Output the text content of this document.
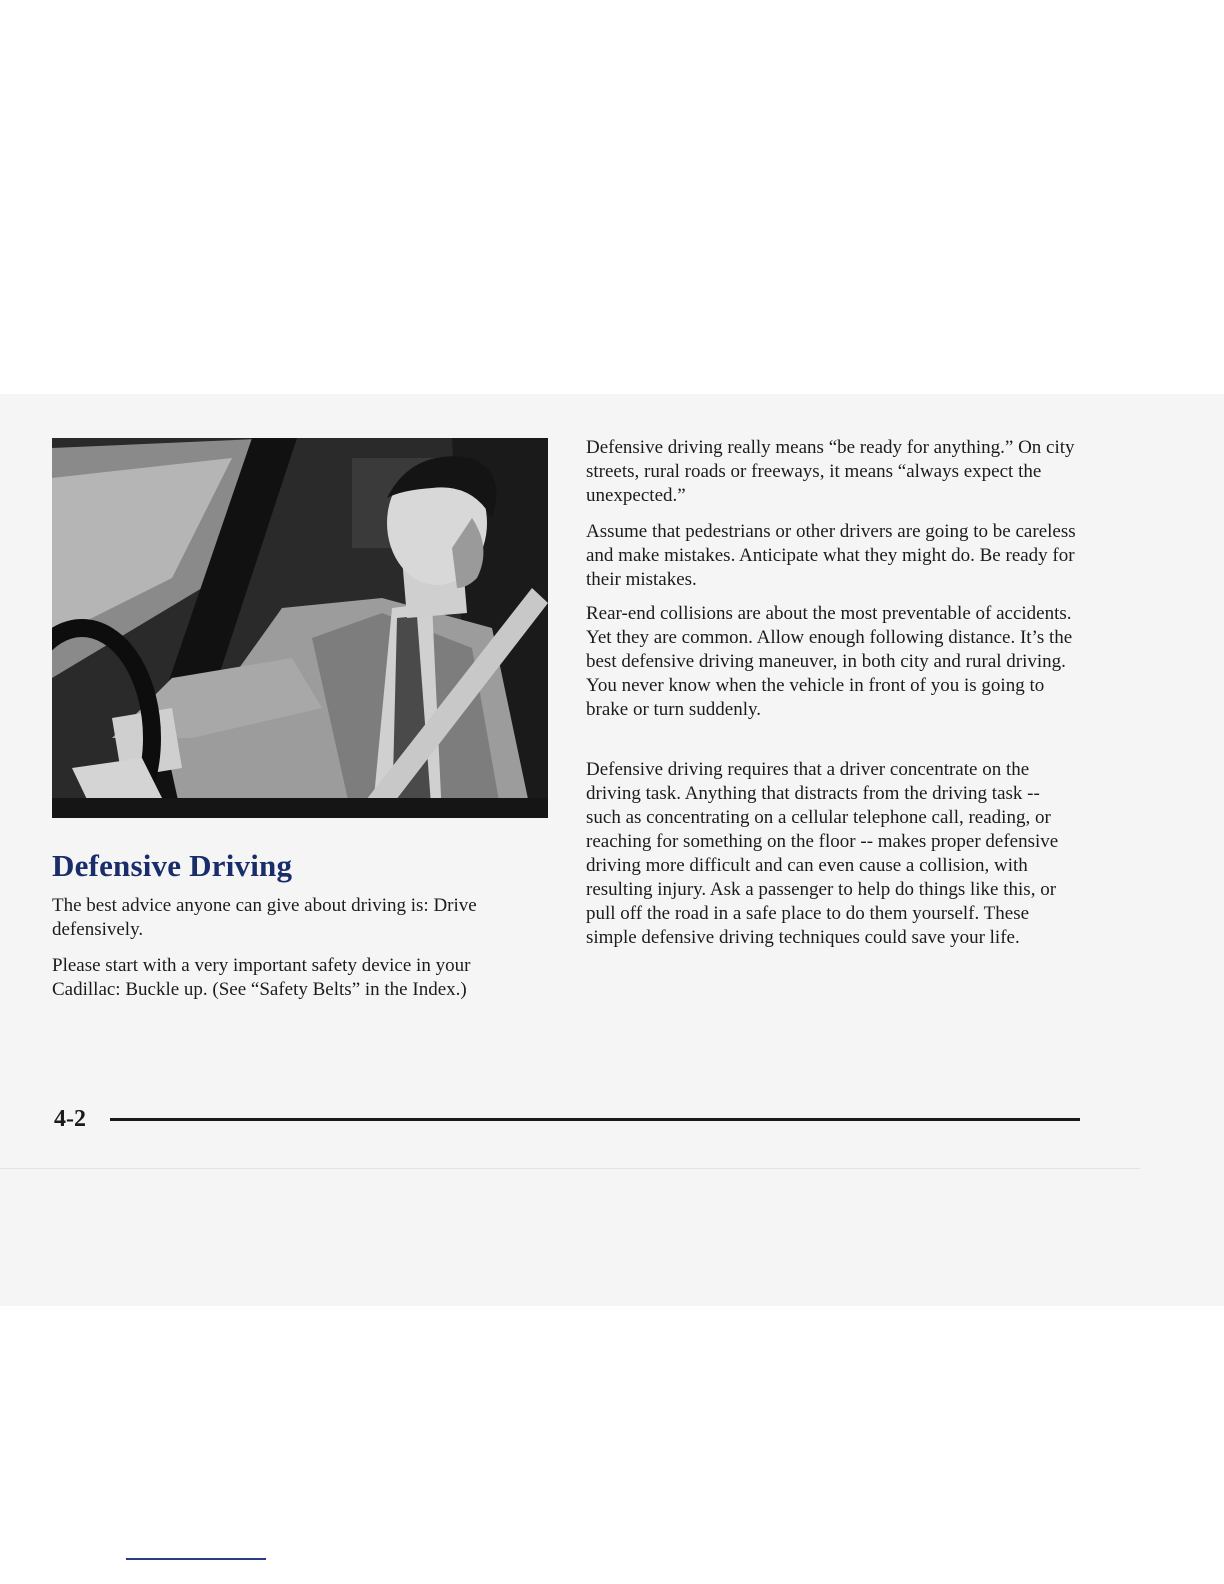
Defensive Driving

The best advice anyone can give about driving is: Drive defensively.

Please start with a very important safety device in your Cadillac: Buckle up. (See “Safety Belts” in the Index.)

Defensive driving really means “be ready for anything.” On city streets, rural roads or freeways, it means “always expect the unexpected.”

Assume that pedestrians or other drivers are going to be careless and make mistakes. Anticipate what they might do. Be ready for their mistakes.

Rear-end collisions are about the most preventable of accidents. Yet they are common. Allow enough following distance. It’s the best defensive driving maneuver, in both city and rural driving. You never know when the vehicle in front of you is going to brake or turn suddenly.

Defensive driving requires that a driver concentrate on the driving task. Anything that distracts from the driving task -- such as concentrating on a cellular telephone call, reading, or reaching for something on the floor -- makes proper defensive driving more difficult and can even cause a collision, with resulting injury. Ask a passenger to help do things like this, or pull off the road in a safe place to do them yourself. These simple defensive driving techniques could save your life.

4-2
